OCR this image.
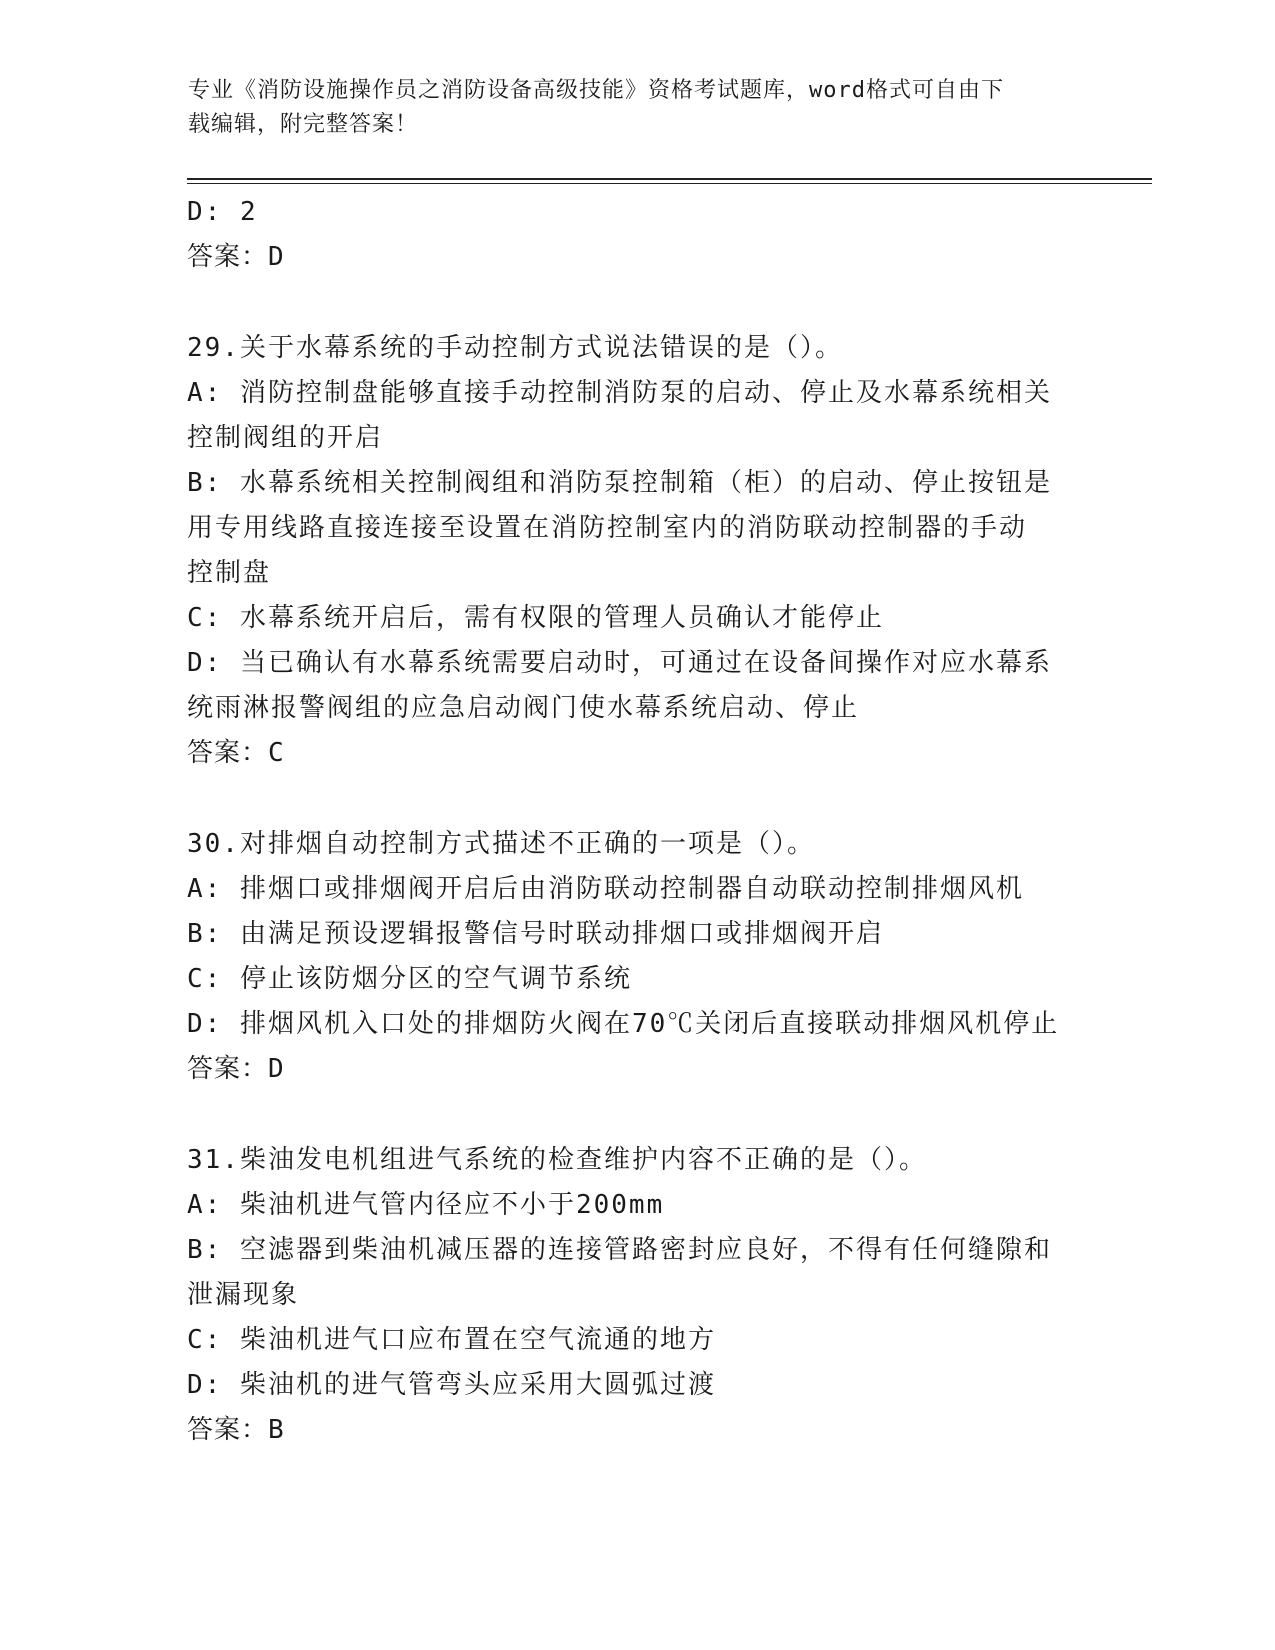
专业《消防设施操作员之消防设备高级技能》资格考试题库，word格式可自由下
载编辑，附完整答案！
D: 2
答案：D
29.关于水幕系统的手动控制方式说法错误的是（）。
A: 消防控制盘能够直接手动控制消防泵的启动、停止及水幕系统相关
控制阀组的开启
B: 水幕系统相关控制阀组和消防泵控制箱（柜）的启动、停止按钮是
用专用线路直接连接至设置在消防控制室内的消防联动控制器的手动
控制盘
C: 水幕系统开启后，需有权限的管理人员确认才能停止
D: 当已确认有水幕系统需要启动时，可通过在设备间操作对应水幕系
统雨淋报警阀组的应急启动阀门使水幕系统启动、停止
答案：C
30.对排烟自动控制方式描述不正确的一项是（）。
A: 排烟口或排烟阀开启后由消防联动控制器自动联动控制排烟风机
B: 由满足预设逻辑报警信号时联动排烟口或排烟阀开启
C: 停止该防烟分区的空气调节系统
D: 排烟风机入口处的排烟防火阀在70℃关闭后直接联动排烟风机停止
答案：D
31.柴油发电机组进气系统的检查维护内容不正确的是（）。
A: 柴油机进气管内径应不小于200mm
B: 空滤器到柴油机减压器的连接管路密封应良好，不得有任何缝隙和
泄漏现象
C: 柴油机进气口应布置在空气流通的地方
D: 柴油机的进气管弯头应采用大圆弧过渡
答案：B
